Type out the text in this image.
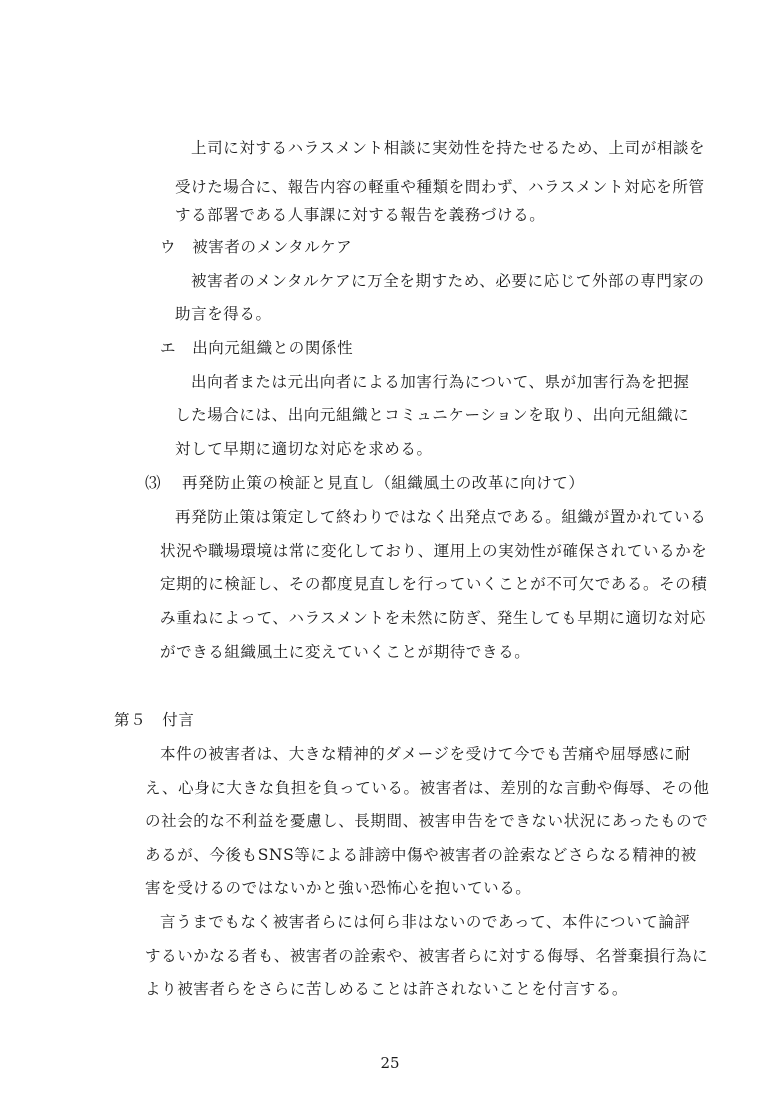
上司に対するハラスメント相談に実効性を持たせるため、上司が相談を
受けた場合に、報告内容の軽重や種類を問わず、ハラスメント対応を所管
する部署である人事課に対する報告を義務づける。
ウ　被害者のメンタルケア
被害者のメンタルケアに万全を期すため、必要に応じて外部の専門家の
助言を得る。
エ　出向元組織との関係性
出向者または元出向者による加害行為について、県が加害行為を把握
した場合には、出向元組織とコミュニケーションを取り、出向元組織に
対して早期に適切な対応を求める。
⑶ 再発防止策の検証と見直し（組織風土の改革に向けて）
再発防止策は策定して終わりではなく出発点である。組織が置かれている
状況や職場環境は常に変化しており、運用上の実効性が確保されているかを
定期的に検証し、その都度見直しを行っていくことが不可欠である。その積
み重ねによって、ハラスメントを未然に防ぎ、発生しても早期に適切な対応
ができる組織風土に変えていくことが期待できる。
第５　付言
本件の被害者は、大きな精神的ダメージを受けて今でも苦痛や屈辱感に耐
え、心身に大きな負担を負っている。被害者は、差別的な言動や侮辱、その他
の社会的な不利益を憂慮し、長期間、被害申告をできない状況にあったもので
あるが、今後もSNS等による誹謗中傷や被害者の詮索などさらなる精神的被
害を受けるのではないかと強い恐怖心を抱いている。
言うまでもなく被害者らには何ら非はないのであって、本件について論評
するいかなる者も、被害者の詮索や、被害者らに対する侮辱、名誉棄損行為に
より被害者らをさらに苦しめることは許されないことを付言する。
25
